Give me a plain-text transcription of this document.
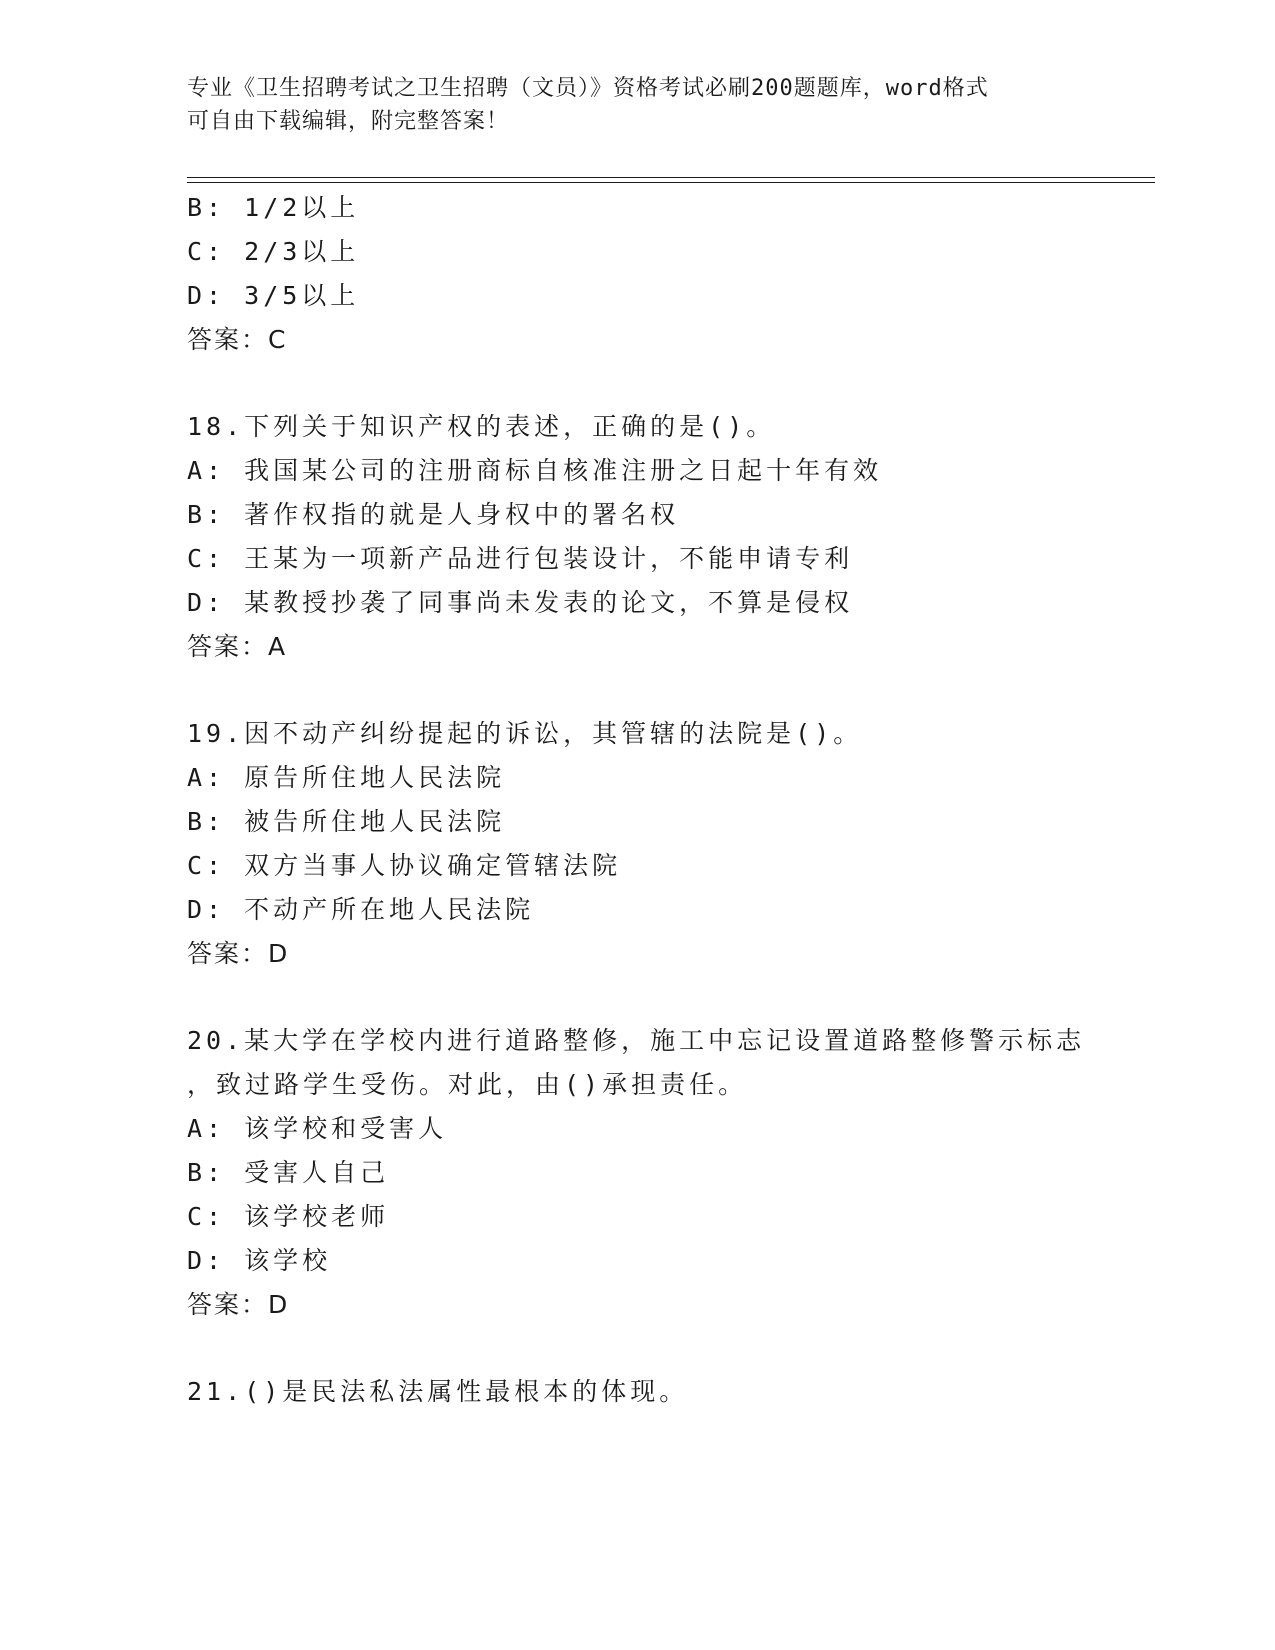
专业《卫生招聘考试之卫生招聘（文员）》资格考试必刷200题题库，word格式
可自由下载编辑，附完整答案！
B: 1/2以上
C: 2/3以上
D: 3/5以上
答案：C
18.下列关于知识产权的表述，正确的是()。
A: 我国某公司的注册商标自核准注册之日起十年有效
B: 著作权指的就是人身权中的署名权
C: 王某为一项新产品进行包装设计，不能申请专利
D: 某教授抄袭了同事尚未发表的论文，不算是侵权
答案：A
19.因不动产纠纷提起的诉讼，其管辖的法院是()。
A: 原告所住地人民法院
B: 被告所住地人民法院
C: 双方当事人协议确定管辖法院
D: 不动产所在地人民法院
答案：D
20.某大学在学校内进行道路整修，施工中忘记设置道路整修警示标志
，致过路学生受伤。对此，由()承担责任。
A: 该学校和受害人
B: 受害人自己
C: 该学校老师
D: 该学校
答案：D
21.()是民法私法属性最根本的体现。
